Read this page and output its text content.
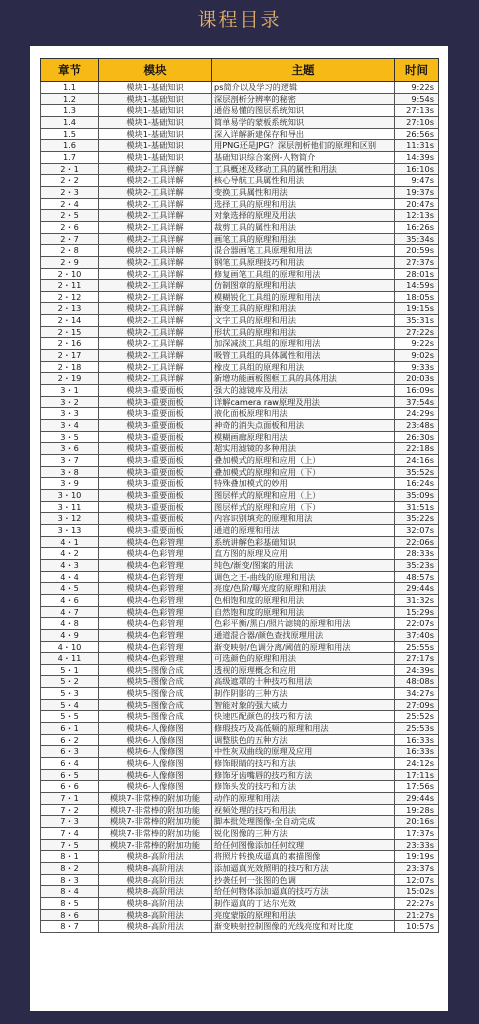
课程目录
章节	模块	主题	时间
1.1	模块1-基础知识	ps简介以及学习的逻辑	9:22s
1.2	模块1-基础知识	深层剖析分辨率的秘密	9:54s
1.3	模块1-基础知识	通俗易懂的图层系统知识	27:13s
1.4	模块1-基础知识	简单易学的蒙板系统知识	27:10s
1.5	模块1-基础知识	深入详解新建保存和导出	26:56s
1.6	模块1-基础知识	用PNG还是JPG？深层剖析他们的原理和区别	11:31s
1.7	模块1-基础知识	基础知识综合案例-人物简介	14:39s
2・1	模块2-工具详解	工具概述及移动工具的属性和用法	16:10s
2・2	模块2-工具详解	核心导航工具属性和用法	9:47s
2・3	模块2-工具详解	变换工具属性和用法	19:37s
2・4	模块2-工具详解	选择工具的原理和用法	20:47s
2・5	模块2-工具详解	对象选择的原理及用法	12:13s
2・6	模块2-工具详解	裁剪工具的属性和用法	16:26s
2・7	模块2-工具详解	画笔工具的原理和用法	35:34s
2・8	模块2-工具详解	混合器画笔工具原理和用法	20:59s
2・9	模块2-工具详解	钢笔工具原理技巧和用法	27:37s
2・10	模块2-工具详解	修复画笔工具组的原理和用法	28:01s
2・11	模块2-工具详解	仿制图章的原理和用法	14:59s
2・12	模块2-工具详解	模糊锐化工具组的原理和用法	18:05s
2・13	模块2-工具详解	渐变工具的原理和用法	19:15s
2・14	模块2-工具详解	文字工具的原理和用法	35:31s
2・15	模块2-工具详解	形状工具的原理和用法	27:22s
2・16	模块2-工具详解	加深减淡工具组的原理和用法	9:22s
2・17	模块2-工具详解	吸管工具组的具体属性和用法	9:02s
2・18	模块2-工具详解	橡皮工具组的原理和用法	9:33s
2・19	模块2-工具详解	新增功能画板图框工具的具体用法	20:03s
3・1	模块3-重要面板	强大的滤镜库及用法	16:09s
3・2	模块3-重要面板	详解camera raw原理及用法	37:54s
3・3	模块3-重要面板	液化面板原理和用法	24:29s
3・4	模块3-重要面板	神奇的消失点面板和用法	23:48s
3・5	模块3-重要面板	模糊画廊原理和用法	26:30s
3・6	模块3-重要面板	超实用滤镜的多种用法	22:18s
3・7	模块3-重要面板	叠加模式的原理和应用（上）	24:16s
3・8	模块3-重要面板	叠加模式的原理和应用（下）	35:52s
3・9	模块3-重要面板	特殊叠加模式的妙用	16:24s
3・10	模块3-重要面板	图层样式的原理和应用（上）	35:09s
3・11	模块3-重要面板	图层样式的原理和应用（下）	31:51s
3・12	模块3-重要面板	内容识别填充的原理和用法	35:22s
3・13	模块3-重要面板	通道的原理和用法	32:07s
4・1	模块4-色彩管理	系统讲解色彩基础知识	22:06s
4・2	模块4-色彩管理	直方图的原理及应用	28:33s
4・3	模块4-色彩管理	纯色/渐变/图案的用法	35:23s
4・4	模块4-色彩管理	调色之王-曲线的原理和用法	48:57s
4・5	模块4-色彩管理	亮度/色阶/曝光度的原理和用法	29:44s
4・6	模块4-色彩管理	色相饱和度的原理和用法	31:32s
4・7	模块4-色彩管理	自然饱和度的原理和用法	15:29s
4・8	模块4-色彩管理	色彩平衡/黑白/照片滤镜的原理和用法	22:07s
4・9	模块4-色彩管理	通道混合器/颜色查找原理用法	37:40s
4・10	模块4-色彩管理	渐变映射/色调分离/阈值的原理和用法	25:55s
4・11	模块4-色彩管理	可选颜色的原理和用法	27:17s
5・1	模块5-图像合成	透视的原理概念和应用	24:39s
5・2	模块5-图像合成	高级遮罩的十种技巧和用法	48:08s
5・3	模块5-图像合成	制作阴影的三种方法	34:27s
5・4	模块5-图像合成	智能对象的强大威力	27:09s
5・5	模块5-图像合成	快速匹配颜色的技巧和方法	25:52s
6・1	模块6-人像修图	修瑕技巧及高低频的原理和用法	25:53s
6・2	模块6-人像修图	调整肤色的五种方法	16:33s
6・3	模块6-人像修图	中性灰双曲线的原理及应用	16:33s
6・4	模块6-人像修图	修饰眼睛的技巧和方法	24:12s
6・5	模块6-人像修图	修饰牙齿嘴唇的技巧和方法	17:11s
6・6	模块6-人像修图	修饰头发的技巧和方法	17:56s
7・1	模块7-非常棒的附加功能	动作的原理和用法	29:44s
7・2	模块7-非常棒的附加功能	视频处理的技巧和用法	19:28s
7・3	模块7-非常棒的附加功能	脚本批处理图像-全自动完成	20:16s
7・4	模块7-非常棒的附加功能	锐化图像的三种方法	17:37s
7・5	模块7-非常棒的附加功能	给任何图像添加任何纹理	23:33s
8・1	模块8-高阶用法	将照片转换成逼真的素描图像	19:19s
8・2	模块8-高阶用法	添加逼真光效照明的技巧和方法	23:37s
8・3	模块8-高阶用法	抄袭任何一张图的色调	12:07s
8・4	模块8-高阶用法	给任何物体添加逼真的技巧方法	15:02s
8・5	模块8-高阶用法	制作逼真的丁达尔光效	22:27s
8・6	模块8-高阶用法	亮度蒙版的原理和用法	21:27s
8・7	模块8-高阶用法	渐变映射控制图像的光线亮度和对比度	10:57s
